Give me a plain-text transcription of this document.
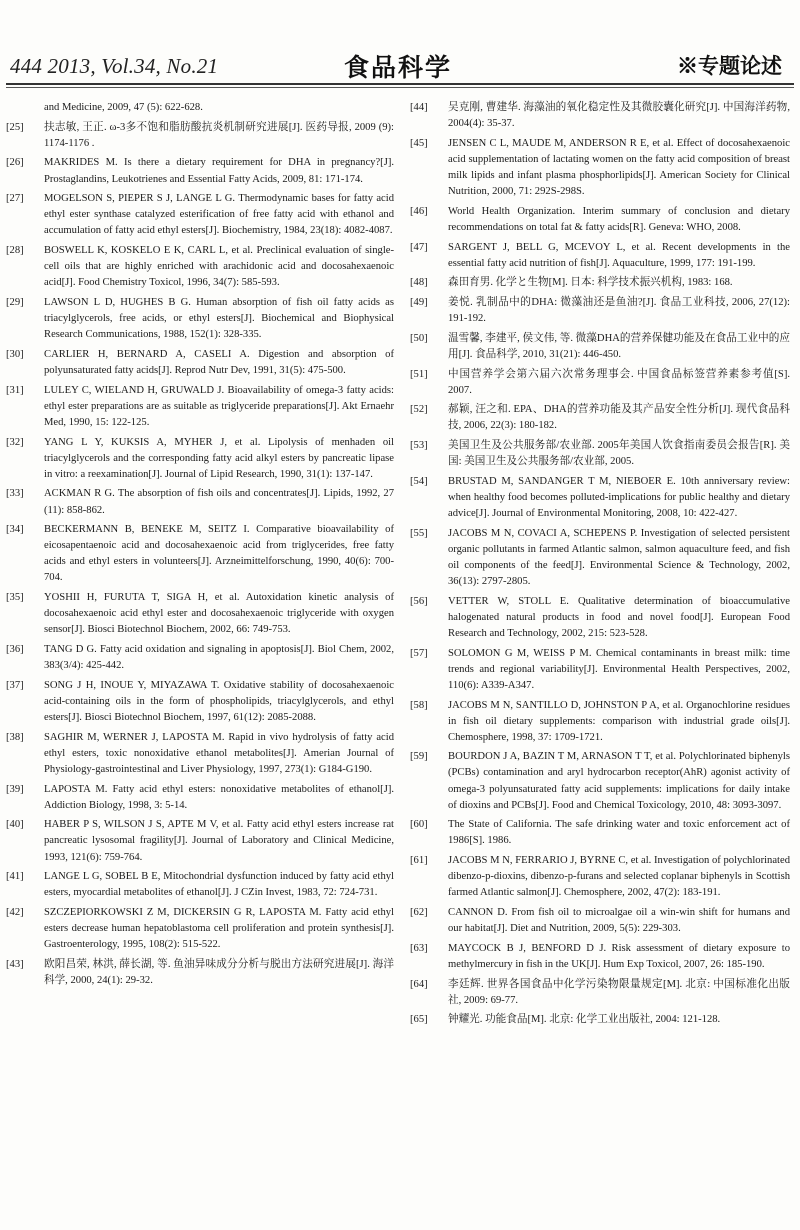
444 2013, Vol.34, No.21	食品科学	※专题论述
and Medicine, 2009, 47 (5): 622-628.
[25]	扶志敏, 王正. ω-3多不饱和脂肪酸抗炎机制研究进展[J]. 医药导报, 2009 (9): 1174-1176 .
[26]	MAKRIDES M. Is there a dietary requirement for DHA in pregnancy?[J]. Prostaglandins, Leukotrienes and Essential Fatty Acids, 2009, 81: 171-174.
[27]	MOGELSON S, PIEPER S J, LANGE L G. Thermodynamic bases for fatty acid ethyl ester synthase catalyzed esterification of free fatty acid with ethanol and accumulation of fatty acid ethyl esters[J]. Biochemistry, 1984, 23(18): 4082-4087.
[28]	BOSWELL K, KOSKELO E K, CARL L, et al. Preclinical evaluation of single-cell oils that are highly enriched with arachidonic acid and docosahexaenoic acid[J]. Food Chemistry Toxicol, 1996, 34(7): 585-593.
[29]	LAWSON L D, HUGHES B G. Human absorption of fish oil fatty acids as triacylglycerols, free acids, or ethyl esters[J]. Biochemical and Biophysical Research Communications, 1988, 152(1): 328-335.
[30]	CARLIER H, BERNARD A, CASELI A. Digestion and absorption of polyunsaturated fatty acids[J]. Reprod Nutr Dev, 1991, 31(5): 475-500.
[31]	LULEY C, WIELAND H, GRUWALD J. Bioavailability of omega-3 fatty acids: ethyl ester preparations are as suitable as triglyceride preparations[J]. Akt Ernaehr Med, 1990, 15: 122-125.
[32]	YANG L Y, KUKSIS A, MYHER J, et al. Lipolysis of menhaden oil triacylglycerols and the corresponding fatty acid alkyl esters by pancreatic lipase in vitro: a reexamination[J]. Journal of Lipid Research, 1990, 31(1): 137-147.
[33]	ACKMAN R G. The absorption of fish oils and concentrates[J]. Lipids, 1992, 27 (11): 858-862.
[34]	BECKERMANN B, BENEKE M, SEITZ I. Comparative bioavailability of eicosapentaenoic acid and docosahexaenoic acid from triglycerides, free fatty acids and ethyl esters in volunteers[J]. Arzneimittelforschung, 1990, 40(6): 700-704.
[35]	YOSHII H, FURUTA T, SIGA H, et al. Autoxidation kinetic analysis of docosahexaenoic acid ethyl ester and docosahexaenoic triglyceride with oxygen sensor[J]. Biosci Biotechnol Biochem, 2002, 66: 749-753.
[36]	TANG D G. Fatty acid oxidation and signaling in apoptosis[J]. Biol Chem, 2002, 383(3/4): 425-442.
[37]	SONG J H, INOUE Y, MIYAZAWA T. Oxidative stability of docosahexaenoic acid-containing oils in the form of phospholipids, triacylglycerols, and ethyl esters[J]. Biosci Biotechnol Biochem, 1997, 61(12): 2085-2088.
[38]	SAGHIR M, WERNER J, LAPOSTA M. Rapid in vivo hydrolysis of fatty acid ethyl esters, toxic nonoxidative ethanol metabolites[J]. Amerian Journal of Physiology-gastrointestinal and Liver Physiology, 1997, 273(1): G184-G190.
[39]	LAPOSTA M. Fatty acid ethyl esters: nonoxidative metabolites of ethanol[J]. Addiction Biology, 1998, 3: 5-14.
[40]	HABER P S, WILSON J S, APTE M V, et al. Fatty acid ethyl esters increase rat pancreatic lysosomal fragility[J]. Journal of Laboratory and Clinical Medicine, 1993, 121(6): 759-764.
[41]	LANGE L G, SOBEL B E, Mitochondrial dysfunction induced by fatty acid ethyl esters, myocardial metabolites of ethanol[J]. J CZin Invest, 1983, 72: 724-731.
[42]	SZCZEPIORKOWSKI Z M, DICKERSIN G R, LAPOSTA M. Fatty acid ethyl esters decrease human hepatoblastoma cell proliferation and protein synthesis[J]. Gastroenterology, 1995, 108(2): 515-522.
[43]	欧阳昌荣, 林洪, 薛长湖, 等. 鱼油异味成分分析与脱出方法研究进展[J]. 海洋科学, 2000, 24(1): 29-32.
[44]	吴克刚, 曹建华. 海藻油的氧化稳定性及其微胶囊化研究[J]. 中国海洋药物, 2004(4): 35-37.
[45]	JENSEN C L, MAUDE M, ANDERSON R E, et al. Effect of docosahexaenoic acid supplementation of lactating women on the fatty acid composition of breast milk lipids and infant plasma phosphorlipids[J]. American Society for Clinical Nutrition, 2000, 71: 292S-298S.
[46]	World Health Organization. Interim summary of conclusion and dietary recommendations on total fat & fatty acids[R]. Geneva: WHO, 2008.
[47]	SARGENT J, BELL G, MCEVOY L, et al. Recent developments in the essential fatty acid nutrition of fish[J]. Aquaculture, 1999, 177: 191-199.
[48]	森田育男. 化学と生物[M]. 日本: 科学技术振兴机构, 1983: 168.
[49]	姜悦. 乳制品中的DHA: 微藻油还是鱼油?[J]. 食品工业科技, 2006, 27(12): 191-192.
[50]	温雪馨, 李建平, 侯文伟, 等. 微藻DHA的营养保健功能及在食品工业中的应用[J]. 食品科学, 2010, 31(21): 446-450.
[51]	中国营养学会第六届六次常务理事会. 中国食品标签营养素参考值[S]. 2007.
[52]	郝颖, 汪之和. EPA、DHA的营养功能及其产品安全性分析[J]. 现代食品科技, 2006, 22(3): 180-182.
[53]	美国卫生及公共服务部/农业部. 2005年美国人饮食指南委员会报告[R]. 美国: 美国卫生及公共服务部/农业部, 2005.
[54]	BRUSTAD M, SANDANGER T M, NIEBOER E. 10th anniversary review: when healthy food becomes polluted-implications for public healthy and dietary advice[J]. Journal of Environmental Monitoring, 2008, 10: 422-427.
[55]	JACOBS M N, COVACI A, SCHEPENS P. Investigation of selected persistent organic pollutants in farmed Atlantic salmon, salmon aquaculture feed, and fish oil components of the feed[J]. Environmental Science & Technology, 2002, 36(13): 2797-2805.
[56]	VETTER W, STOLL E. Qualitative determination of bioaccumulative halogenated natural products in food and novel food[J]. European Food Research and Technology, 2002, 215: 523-528.
[57]	SOLOMON G M, WEISS P M. Chemical contaminants in breast milk: time trends and regional variability[J]. Environmental Health Perspectives, 2002, 110(6): A339-A347.
[58]	JACOBS M N, SANTILLO D, JOHNSTON P A, et al. Organochlorine residues in fish oil dietary supplements: comparison with industrial grade oils[J]. Chemosphere, 1998, 37: 1709-1721.
[59]	BOURDON J A, BAZIN T M, ARNASON T T, et al. Polychlorinated biphenyls (PCBs) contamination and aryl hydrocarbon receptor(AhR) agonist activity of omega-3 polyunsaturated fatty acid supplements: implications for daily intake of dioxins and PCBs[J]. Food and Chemical Toxicology, 2010, 48: 3093-3097.
[60]	The State of California. The safe drinking water and toxic enforcement act of 1986[S]. 1986.
[61]	JACOBS M N, FERRARIO J, BYRNE C, et al. Investigation of polychlorinated dibenzo-p-dioxins, dibenzo-p-furans and selected coplanar biphenyls in Scottish farmed Atlantic salmon[J]. Chemosphere, 2002, 47(2): 183-191.
[62]	CANNON D. From fish oil to microalgae oil a win-win shift for humans and our habitat[J]. Diet and Nutrition, 2009, 5(5): 229-303.
[63]	MAYCOCK B J, BENFORD D J. Risk assessment of dietary exposure to methylmercury in fish in the UK[J]. Hum Exp Toxicol, 2007, 26: 185-190.
[64]	李廷辉. 世界各国食品中化学污染物限量规定[M]. 北京: 中国标准化出版社, 2009: 69-77.
[65]	钟耀光. 功能食品[M]. 北京: 化学工业出版社, 2004: 121-128.
